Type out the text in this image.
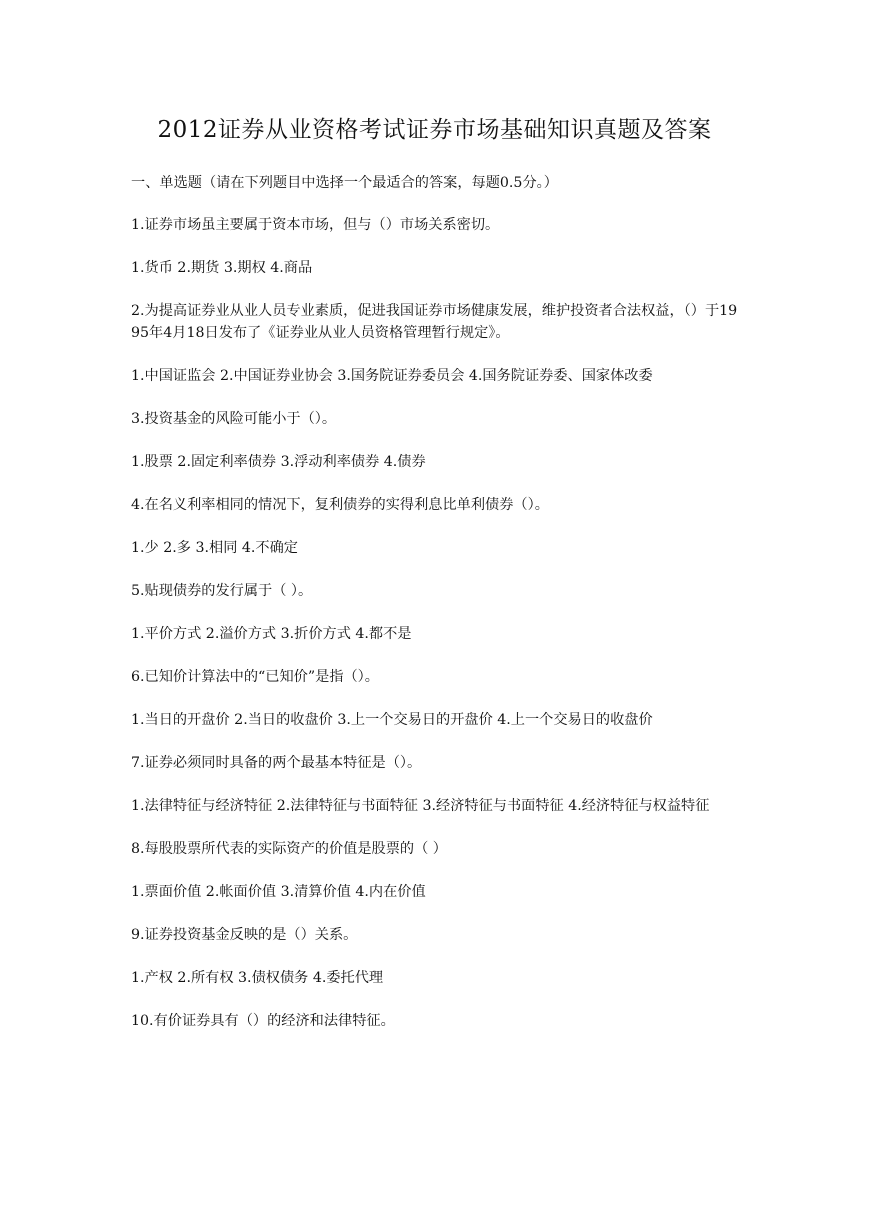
2012证券从业资格考试证券市场基础知识真题及答案

一、单选题（请在下列题目中选择一个最适合的答案，每题0.5分。）

1.证券市场虽主要属于资本市场，但与（）市场关系密切。

1.货币 2.期货 3.期权 4.商品

2.为提高证券业从业人员专业素质，促进我国证券市场健康发展，维护投资者合法权益，（）于1995年4月18日发布了《证券业从业人员资格管理暂行规定》。

1.中国证监会 2.中国证券业协会 3.国务院证券委员会 4.国务院证券委、国家体改委

3.投资基金的风险可能小于（）。

1.股票 2.固定利率债券 3.浮动利率债券 4.债券

4.在名义利率相同的情况下，复利债券的实得利息比单利债券（）。

1.少 2.多 3.相同 4.不确定

5.贴现债券的发行属于（ ）。

1.平价方式 2.溢价方式 3.折价方式 4.都不是

6.已知价计算法中的“已知价”是指（）。

1.当日的开盘价 2.当日的收盘价 3.上一个交易日的开盘价 4.上一个交易日的收盘价

7.证券必须同时具备的两个最基本特征是（）。

1.法律特征与经济特征 2.法律特征与书面特征 3.经济特征与书面特征 4.经济特征与权益特征

8.每股股票所代表的实际资产的价值是股票的（ ）

1.票面价值 2.帐面价值 3.清算价值 4.内在价值

9.证券投资基金反映的是（）关系。

1.产权 2.所有权 3.债权债务 4.委托代理

10.有价证券具有（）的经济和法律特征。
